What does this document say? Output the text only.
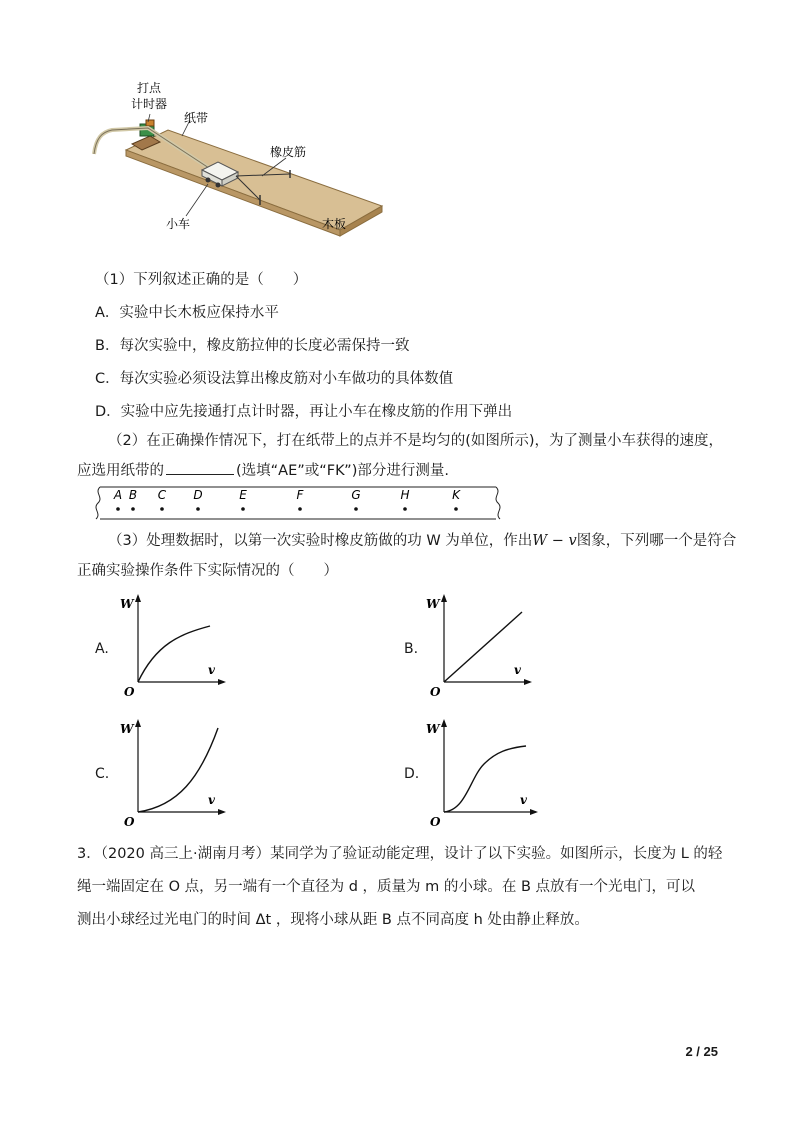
打点
计时器
纸带
橡皮筋
小车	木板
（1）下列叙述正确的是（　　）
A．实验中长木板应保持水平
B．每次实验中，橡皮筋拉伸的长度必需保持一致
C．每次实验必须设法算出橡皮筋对小车做功的具体数值
D．实验中应先接通打点计时器，再让小车在橡皮筋的作用下弹出
（2）在正确操作情况下，打在纸带上的点并不是均匀的(如图所示)，为了测量小车获得的速度，
应选用纸带的	(选填“AE”或“FK”)部分进行测量.
A B C D	E	F	G	H	K
（3）处理数据时，以第一次实验时橡皮筋做的功 W 为单位，作出W − v图象，下列哪一个是符合
正确实验操作条件下实际情况的（　　）
A.	B.
C.	D.
W
v
O
W
v
O
W
v
O
W
v
O
3．（2020 高三上·湖南月考）某同学为了验证动能定理，设计了以下实验。如图所示，长度为 L 的轻
绳一端固定在 O 点，另一端有一个直径为 d ，质量为 m 的小球。在 B 点放有一个光电门，可以
测出小球经过光电门的时间 Δt ，现将小球从距 B 点不同高度 h 处由静止释放。
2 / 25
